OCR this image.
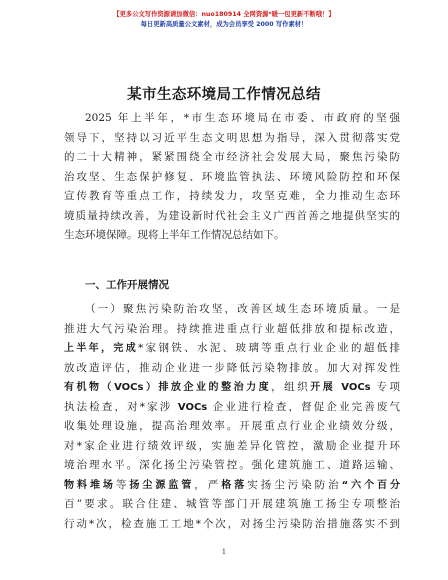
【更多公文写作资源请加微信：nuo180914 全网资源*暖一包更新不断哦！】
每日更新高质量公文素材，成为会员享受 2000 写作素材！
某市生态环境局工作情况总结
2025 年上半年，*市生态环境局在市委、市政府的坚强
领导下，坚持以习近平生态文明思想为指导，深入贯彻落实党
的二十大精神，紧紧围绕全市经济社会发展大局，聚焦污染防
治攻坚、生态保护修复、环境监管执法、环境风险防控和环保
宣传教育等重点工作，持续发力，攻坚克难，全力推动生态环
境质量持续改善，为建设新时代社会主义广西首善之地提供坚实的
生态环境保障。现将上半年工作情况总结如下。
一、工作开展情况
（一）聚焦污染防治攻坚，改善区域生态环境质量。一是
推进大气污染治理。持续推进重点行业超低排放和提标改造，
上半年，完成*家钢铁、水泥、玻璃等重点行业企业的超低排
放改造评估，推动企业进一步降低污染物排放。加大对挥发性
有机物（VOCs）排放企业的整治力度，组织开展 VOCs 专项
执法检查，对*家涉 VOCs 企业进行检查，督促企业完善废气
收集处理设施，提高治理效率。开展重点行业企业绩效分级，
对*家企业进行绩效评级，实施差异化管控，激励企业提升环
境治理水平。深化扬尘污染管控。强化建筑施工、道路运输、
物料堆场等扬尘源监管，严格落实扬尘污染防治“六个百分
百”要求。联合住建、城管等部门开展建筑施工扬尘专项整治
行动*次，检查施工工地*个次，对扬尘污染防治措施落实不到
1
